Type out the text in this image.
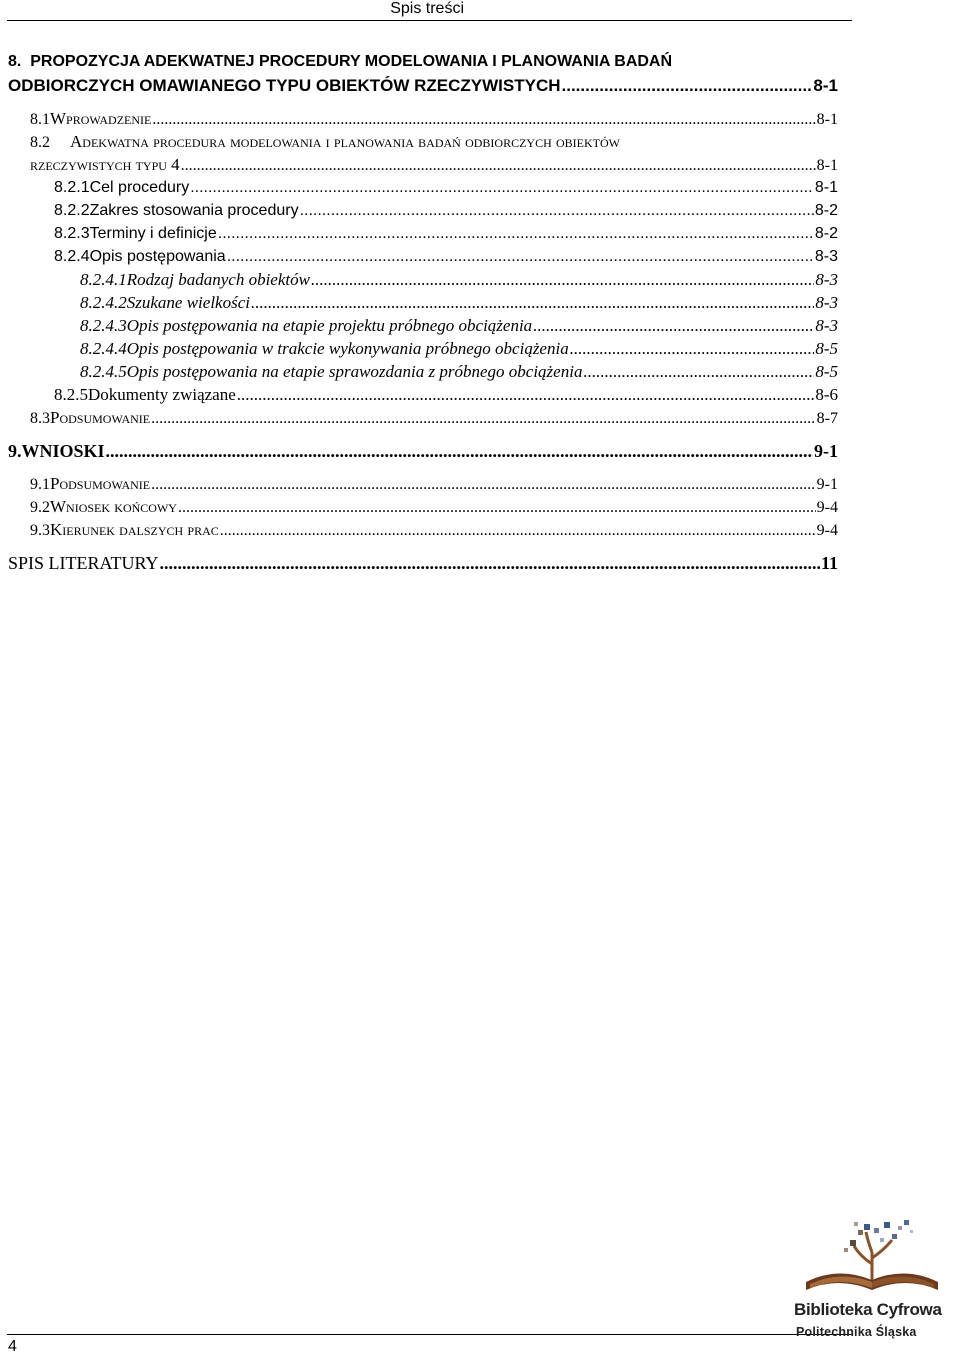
Spis treści
8. PROPOZYCJA ADEKWATNEJ PROCEDURY MODELOWANIA I PLANOWANIA BADAŃ
ODBIORCZYCH OMAWIANEGO TYPU OBIEKTÓW RZECZYWISTYCH .....	8-1
8.1 Wprowadzenie .....	8-1
8.2 Adekwatna procedura modelowania i planowania badań odbiorczych obiektów
rzeczywistych typu 4 .....	8-1
8.2.1 Cel procedury .....	8-1
8.2.2 Zakres stosowania procedury .....	8-2
8.2.3 Terminy i definicje .....	8-2
8.2.4 Opis postępowania .....	8-3
8.2.4.1 Rodzaj badanych obiektów .....	8-3
8.2.4.2 Szukane wielkości .....	8-3
8.2.4.3 Opis postępowania na etapie projektu próbnego obciążenia .....	8-3
8.2.4.4 Opis postępowania w trakcie wykonywania próbnego obciążenia .....	8-5
8.2.4.5 Opis postępowania na etapie sprawozdania z próbnego obciążenia .....	8-5
8.2.5 Dokumenty związane .....	8-6
8.3 Podsumowanie .....	8-7
9. WNIOSKI .....	9-1
9.1 Podsumowanie .....	9-1
9.2 Wniosek końcowy .....	9-4
9.3 Kierunek dalszych prac .....	9-4
SPIS LITERATURY .....	11
4
Biblioteka Cyfrowa
Politechnika Śląska
